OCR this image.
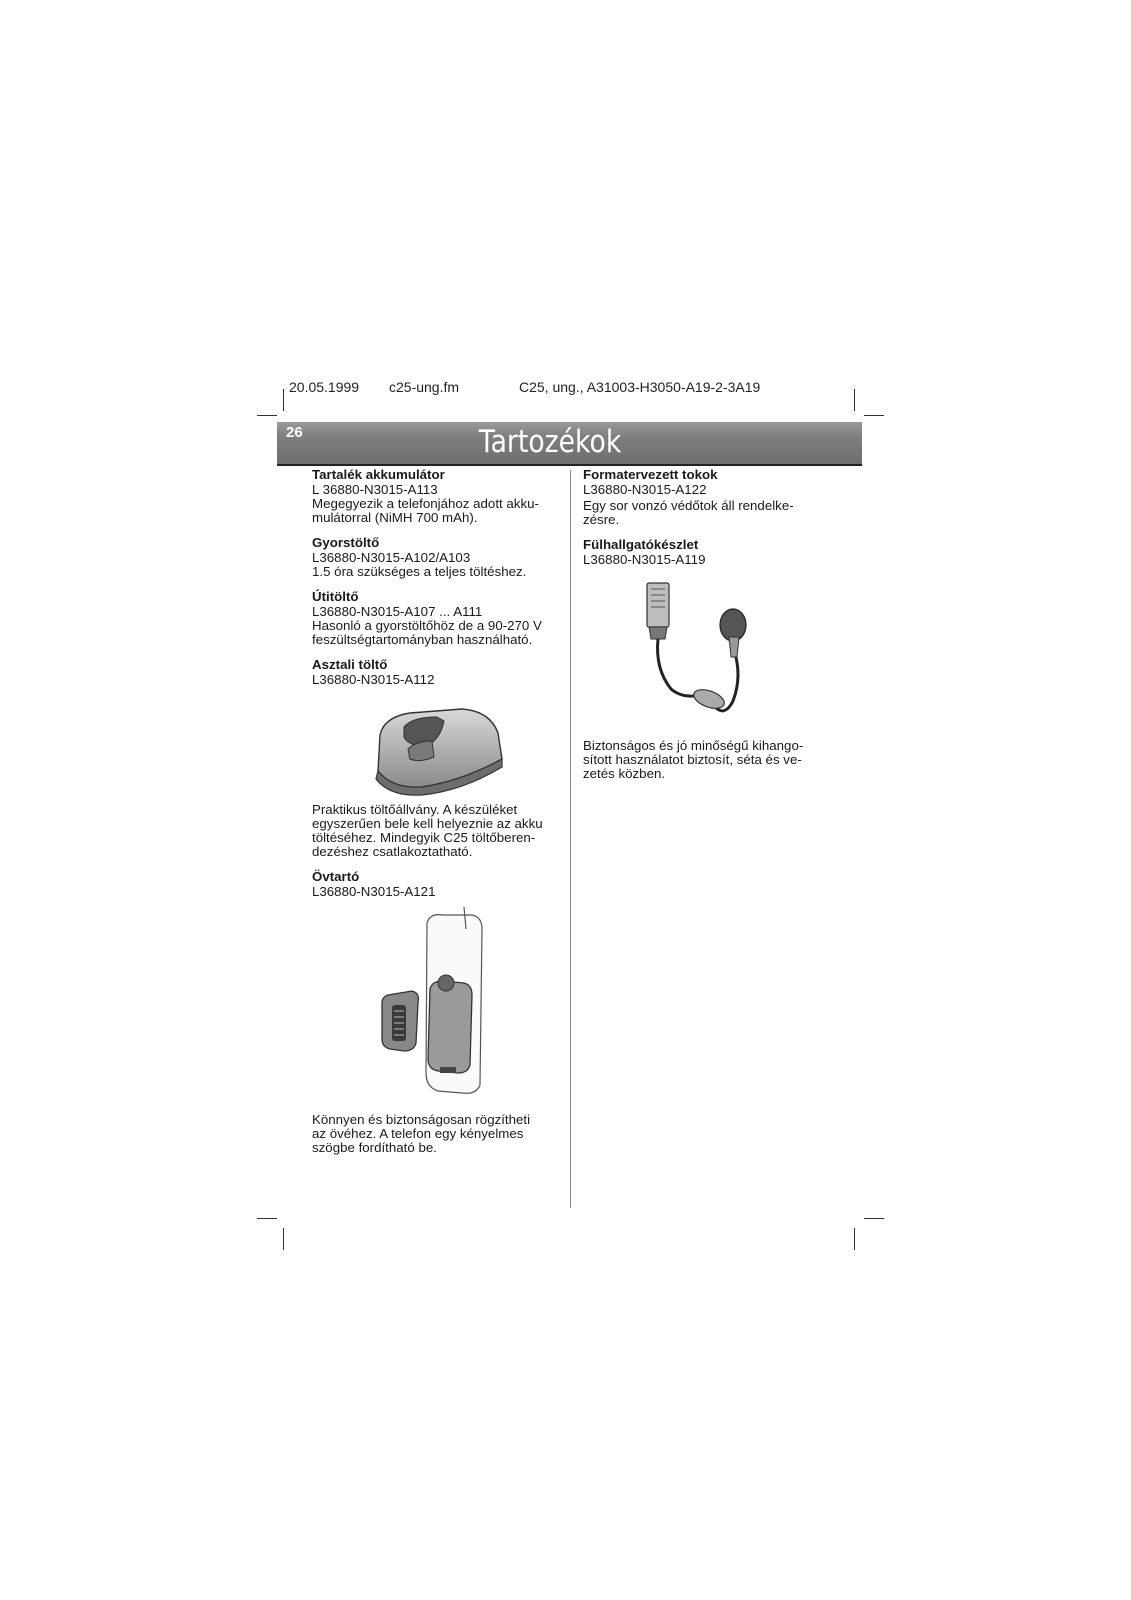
20.05.1999 c25-ung.fm	C25, ung., A31003-H3050-A19-2-3A19
26	Tartozékok
Tartalék akkumulátor

L 36880-N3015-A113

Megegyezik a telefonjához adott akku-
mulátorral (NiMH 700 mAh).

Gyorstöltő

L36880-N3015-A102/A103

1.5 óra szükséges a teljes töltéshez.

Útitöltő

L36880-N3015-A107 ... A111

Hasonló a gyorstöltőhöz de a 90-270 V
feszültségtartományban használható.

Asztali töltő

L36880-N3015-A112

Praktikus töltőállvány. A készüléket
egyszerűen bele kell helyeznie az akku
töltéséhez. Mindegyik C25 töltőberen-
dezéshez csatlakoztatható.

Övtartó

L36880-N3015-A121

Könnyen és biztonságosan rögzítheti
az övéhez. A telefon egy kényelmes
szögbe fordítható be.

Formatervezett tokok

L36880-N3015-A122

Egy sor vonzó védőtok áll rendelke-
zésre.

Fülhallgatókészlet

L36880-N3015-A119

Biztonságos és jó minőségű kihango-
sított használatot biztosít, séta és ve-
zetés közben.
